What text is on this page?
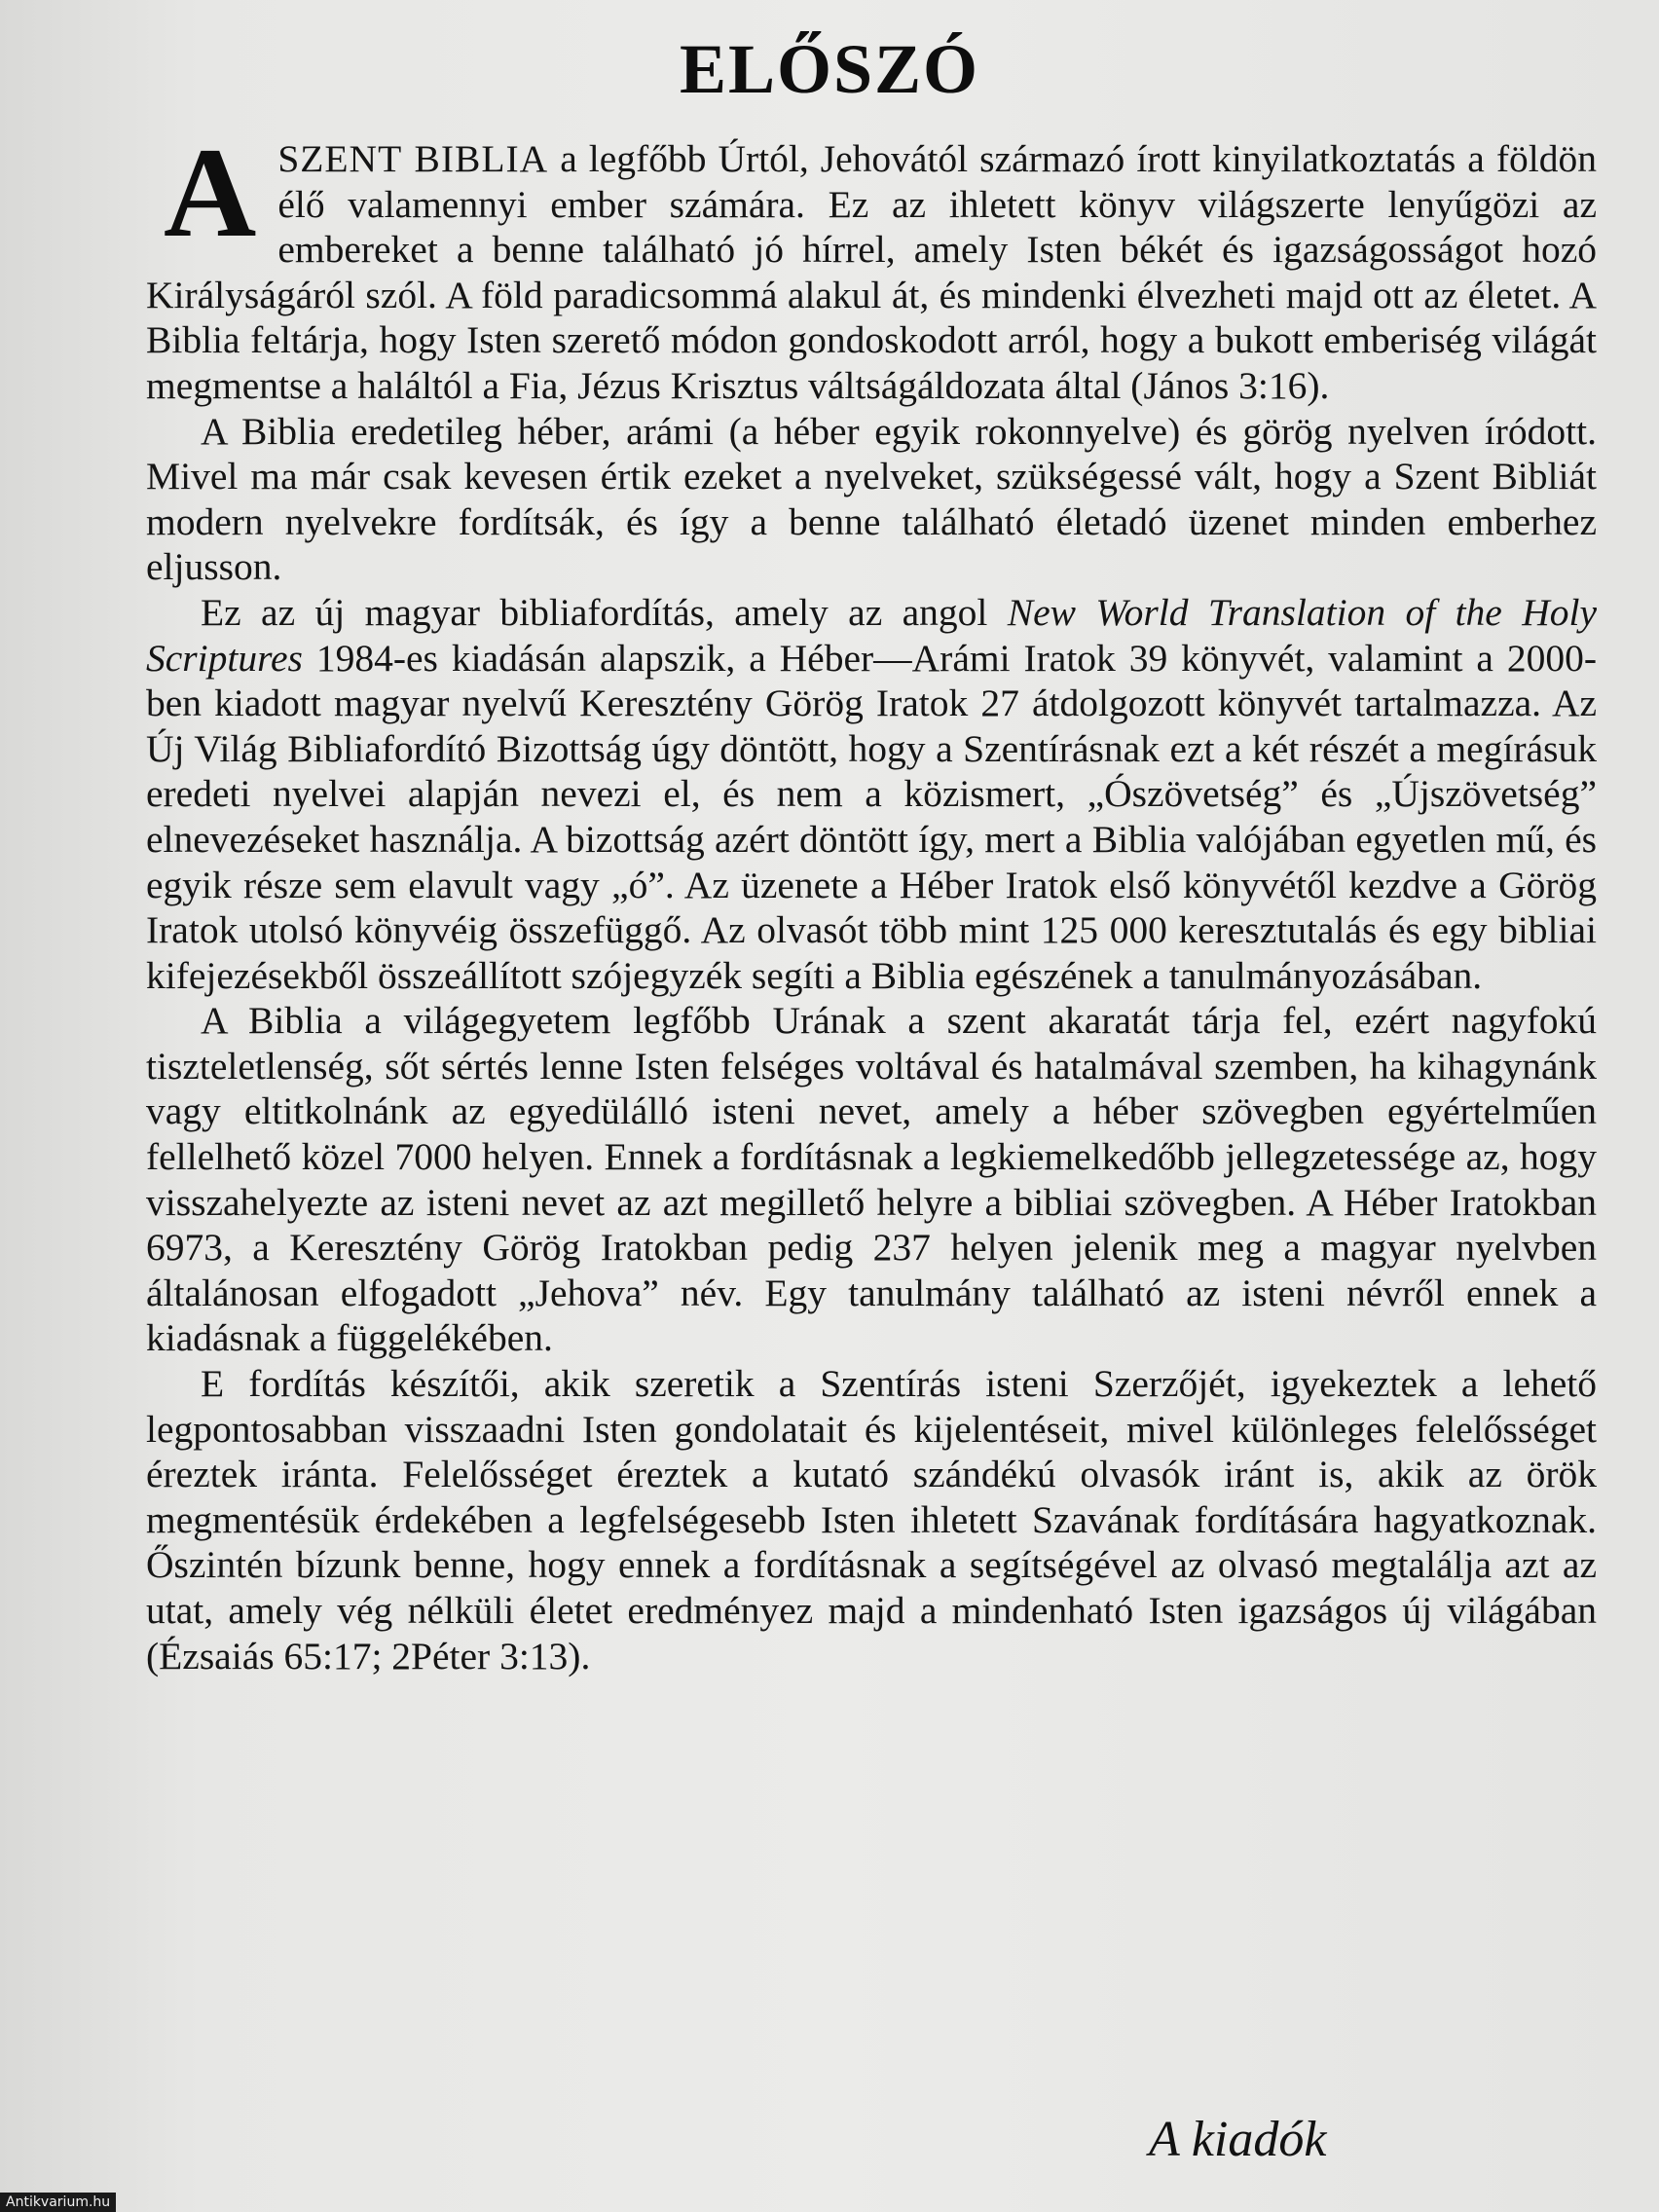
ELŐSZÓ

ASZENT BIBLIA a legfőbb Úrtól, Jehovától származó írott kinyilatkoztatás a földön élő valamennyi ember számára. Ez az ihletett könyv világszerte lenyűgözi az embereket a benne található jó hírrel, amely Isten békét és igazságosságot hozó Királyságáról szól. A föld paradicsommá alakul át, és mindenki élvezheti majd ott az életet. A Biblia feltárja, hogy Isten szerető módon gondoskodott arról, hogy a bukott emberiség világát megmentse a haláltól a Fia, Jézus Krisztus váltságáldozata által (János 3:16).

A Biblia eredetileg héber, arámi (a héber egyik rokonnyelve) és görög nyelven íródott. Mivel ma már csak kevesen értik ezeket a nyelveket, szükségessé vált, hogy a Szent Bibliát modern nyelvekre fordítsák, és így a benne található életadó üzenet minden emberhez eljusson.

Ez az új magyar bibliafordítás, amely az angol New World Translation of the Holy Scriptures 1984-es kiadásán alapszik, a Héber—Arámi Iratok 39 könyvét, valamint a 2000-ben kiadott magyar nyelvű Keresztény Görög Iratok 27 átdolgozott könyvét tartalmazza. Az Új Világ Bibliafordító Bizottság úgy döntött, hogy a Szentírásnak ezt a két részét a megírásuk eredeti nyelvei alapján nevezi el, és nem a közismert, „Ószövetség” és „Újszövetség” elnevezéseket használja. A bizottság azért döntött így, mert a Biblia valójában egyetlen mű, és egyik része sem elavult vagy „ó”. Az üzenete a Héber Iratok első könyvétől kezdve a Görög Iratok utolsó könyvéig összefüggő. Az olvasót több mint 125 000 keresztutalás és egy bibliai kifejezésekből összeállított szójegyzék segíti a Biblia egészének a tanulmányozásában.

A Biblia a világegyetem legfőbb Urának a szent akaratát tárja fel, ezért nagyfokú tiszteletlenség, sőt sértés lenne Isten felséges voltával és hatalmával szemben, ha kihagynánk vagy eltitkolnánk az egyedülálló isteni nevet, amely a héber szövegben egyértelműen fellelhető közel 7000 helyen. Ennek a fordításnak a legkiemelkedőbb jellegzetessége az, hogy visszahelyezte az isteni nevet az azt megillető helyre a bibliai szövegben. A Héber Iratokban 6973, a Keresztény Görög Iratokban pedig 237 helyen jelenik meg a magyar nyelvben általánosan elfogadott „Jehova” név. Egy tanulmány található az isteni névről ennek a kiadásnak a függelékében.

E fordítás készítői, akik szeretik a Szentírás isteni Szerzőjét, igyekeztek a lehető legpontosabban visszaadni Isten gondolatait és kijelentéseit, mivel különleges felelősséget éreztek iránta. Felelősséget éreztek a kutató szándékú olvasók iránt is, akik az örök megmentésük érdekében a legfelségesebb Isten ihletett Szavának fordítására hagyatkoznak. Őszintén bízunk benne, hogy ennek a fordításnak a segítségével az olvasó megtalálja azt az utat, amely vég nélküli életet eredményez majd a mindenható Isten igazságos új világában (Ézsaiás 65:17; 2Péter 3:13).

A kiadók
Antikvarium.hu
